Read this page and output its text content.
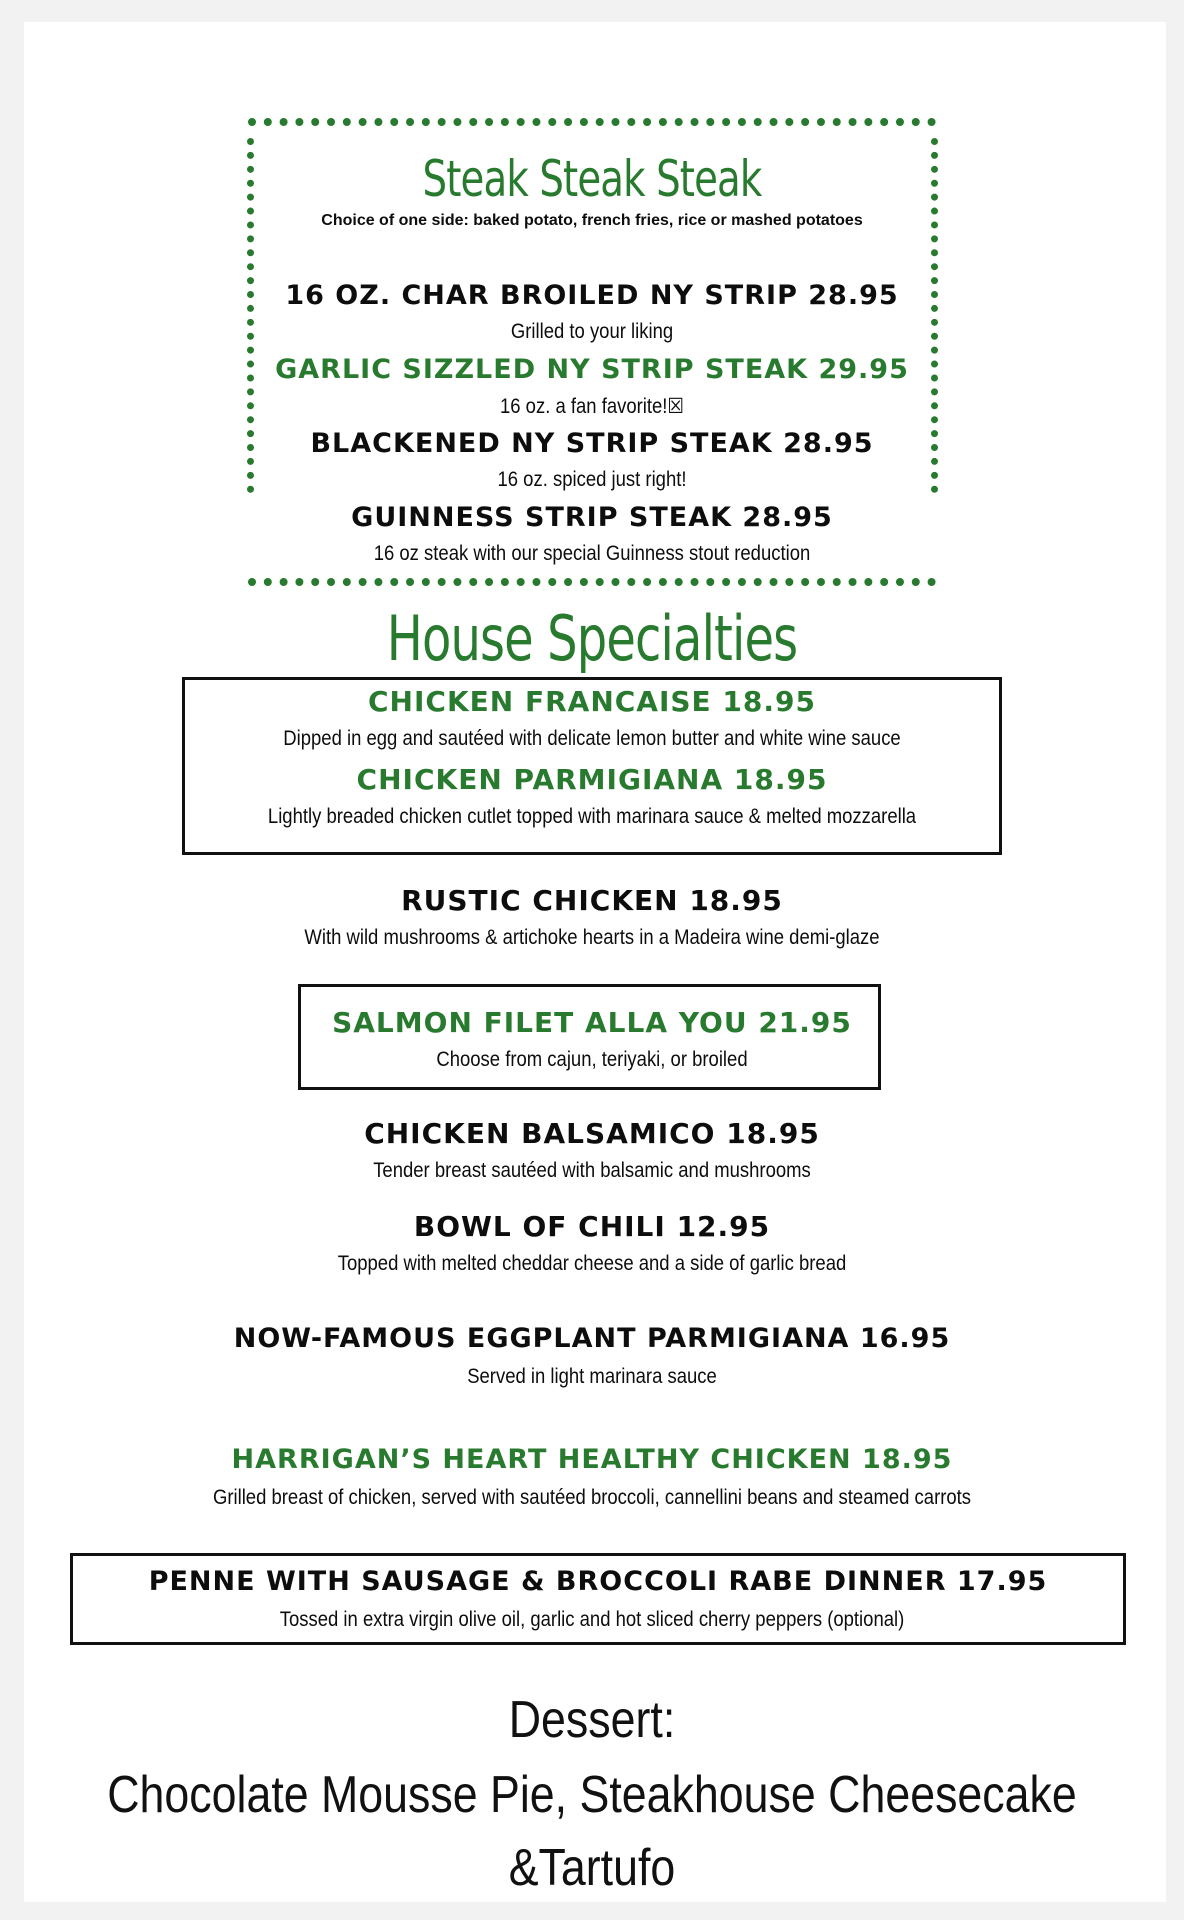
Steak Steak Steak
Choice of one side: baked potato, french fries, rice or mashed potatoes
16 OZ. CHAR BROILED NY STRIP 28.95
Grilled to your liking
GARLIC SIZZLED NY STRIP STEAK 29.95
16 oz. a fan favorite!☒
BLACKENED NY STRIP STEAK 28.95
16 oz. spiced just right!
GUINNESS STRIP STEAK 28.95
16 oz steak with our special Guinness stout reduction
House Specialties
CHICKEN FRANCAISE 18.95
Dipped in egg and sautéed with delicate lemon butter and white wine sauce
CHICKEN PARMIGIANA 18.95
Lightly breaded chicken cutlet topped with marinara sauce & melted mozzarella
RUSTIC CHICKEN 18.95
With wild mushrooms & artichoke hearts in a Madeira wine demi-glaze
SALMON FILET ALLA YOU 21.95
Choose from cajun, teriyaki, or broiled
CHICKEN BALSAMICO 18.95
Tender breast sautéed with balsamic and mushrooms
BOWL OF CHILI 12.95
Topped with melted cheddar cheese and a side of garlic bread
NOW-FAMOUS EGGPLANT PARMIGIANA 16.95
Served in light marinara sauce
HARRIGAN’S HEART HEALTHY CHICKEN 18.95
Grilled breast of chicken, served with sautéed broccoli, cannellini beans and steamed carrots
PENNE WITH SAUSAGE & BROCCOLI RABE DINNER 17.95
Tossed in extra virgin olive oil, garlic and hot sliced cherry peppers (optional)
Dessert:
Chocolate Mousse Pie, Steakhouse Cheesecake
&Tartufo
